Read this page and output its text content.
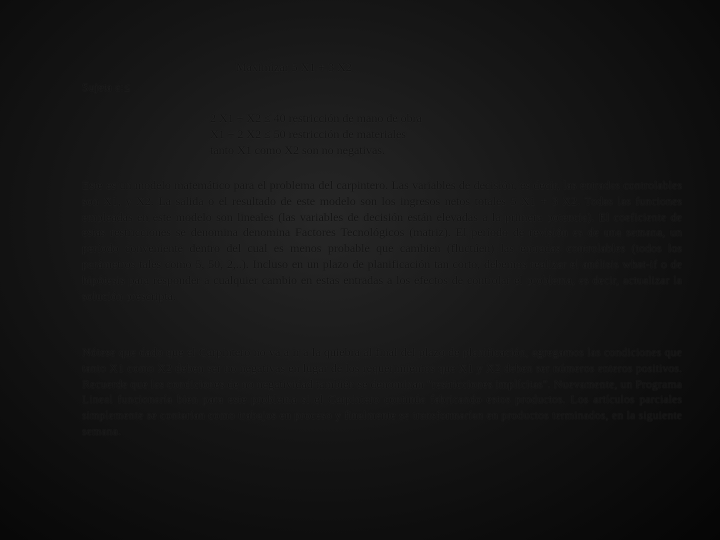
Maximizar 5 X1 + 3 X2
Sujeta a:≤
2 X1 + X2 ≤ 40 restricción de mano de obra
X1 + 2 X2 ≤ 50 restricción de materiales
tanto X1 como X2 son no negativas.

Este es un modelo matemático para el problema del carpintero. Las variables de decisión, es decir, las entradas controlables son X1, y X2. La salida o el resultado de este modelo son los ingresos netos totales 5 X1 + 3 X2. Todas las funciones empleadas en este modelo son lineales (las variables de decisión están elevadas a la primera potencia). El coeficiente de estas restricciones se denomina denomina Factores Tecnológicos (matriz). El período de revisión es de una semana, un período conveniente dentro del cual es menos probable que cambien (fluctúen) las entradas controlables (todos los parámetros tales como 5, 50, 2,..). Incluso en un plazo de planificación tan corto, debemos realizar el análisis what-if o de hipótesis para responder a cualquier cambio en estas entradas a los efectos de controlar el problema, es decir, actualizar la solución prescripta.

Nótese que dado que el Carpintero no va a ir a la quiebra al final del plazo de planificación, agregamos las condiciones que tanto X1 como X2 deben ser no negativas en lugar de los requerimientos que X1 y X2 deben ser números enteros positivos. Recuerde que las condiciones de no negatividad también se denominan "restricciones implícitas". Nuevamente, un Programa Lineal funcionaría bien para este problema si el Carpintero continúa fabricando estos productos. Los artículos parciales simplemente se contarían como trabajos en proceso y finalmente se transformarían en productos terminados, en la siguiente semana.
